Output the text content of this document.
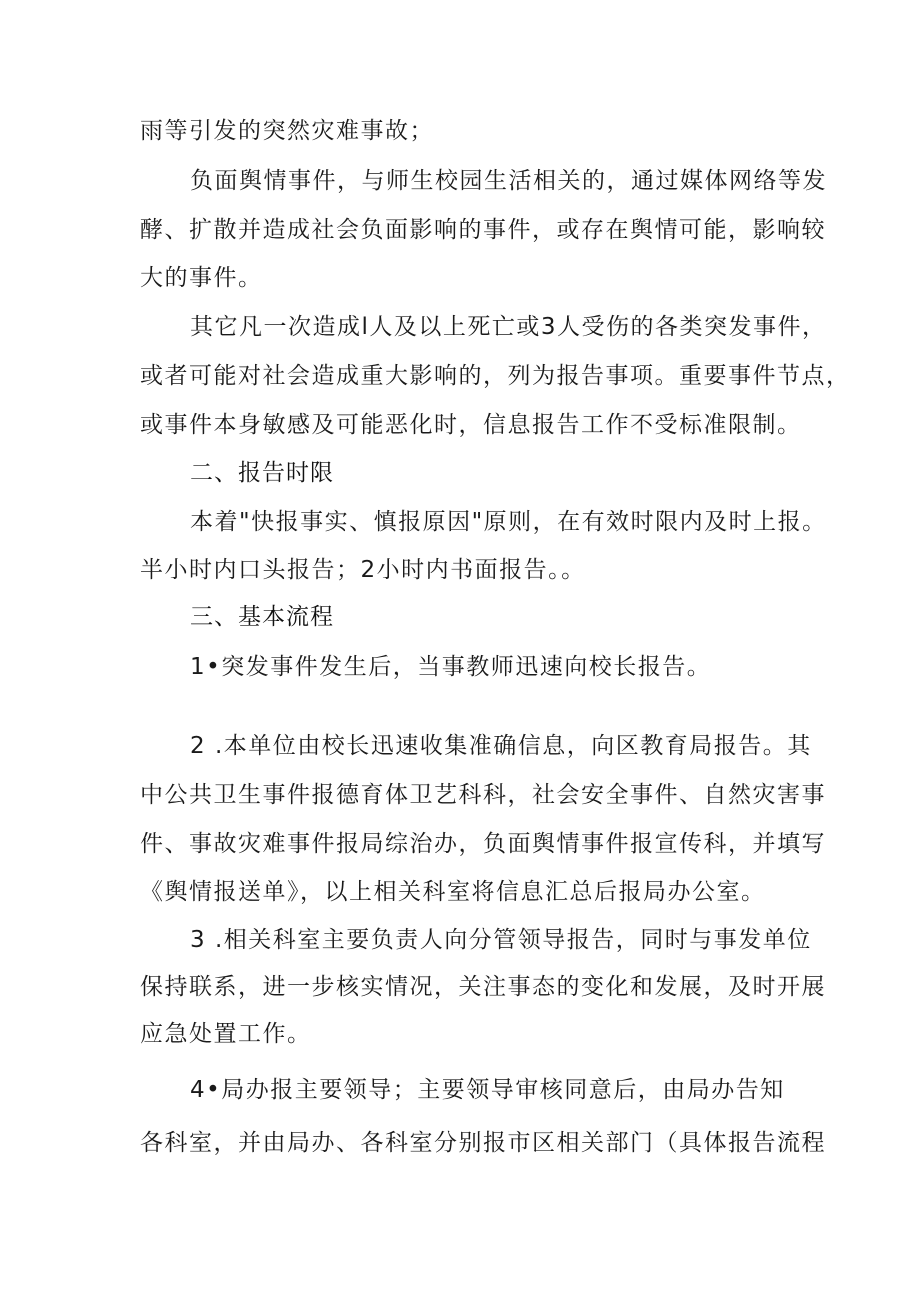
雨等引发的突然灾难事故；
负面舆情事件，与师生校园生活相关的，通过媒体网络等发
酵、扩散并造成社会负面影响的事件，或存在舆情可能，影响较
大的事件。
其它凡一次造成l人及以上死亡或3人受伤的各类突发事件，
或者可能对社会造成重大影响的，列为报告事项。重要事件节点，
或事件本身敏感及可能恶化时，信息报告工作不受标准限制。
二、报告时限
本着"快报事实、慎报原因"原则，在有效时限内及时上报。
半小时内口头报告；2小时内书面报告。。
三、基本流程
1•突发事件发生后，当事教师迅速向校长报告。
2 .本单位由校长迅速收集准确信息，向区教育局报告。其
中公共卫生事件报德育体卫艺科科，社会安全事件、自然灾害事
件、事故灾难事件报局综治办，负面舆情事件报宣传科，并填写
《舆情报送单》，以上相关科室将信息汇总后报局办公室。
3 .相关科室主要负责人向分管领导报告，同时与事发单位
保持联系，进一步核实情况，关注事态的变化和发展，及时开展
应急处置工作。
4•局办报主要领导；主要领导审核同意后，由局办告知
各科室，并由局办、各科室分别报市区相关部门（具体报告流程
